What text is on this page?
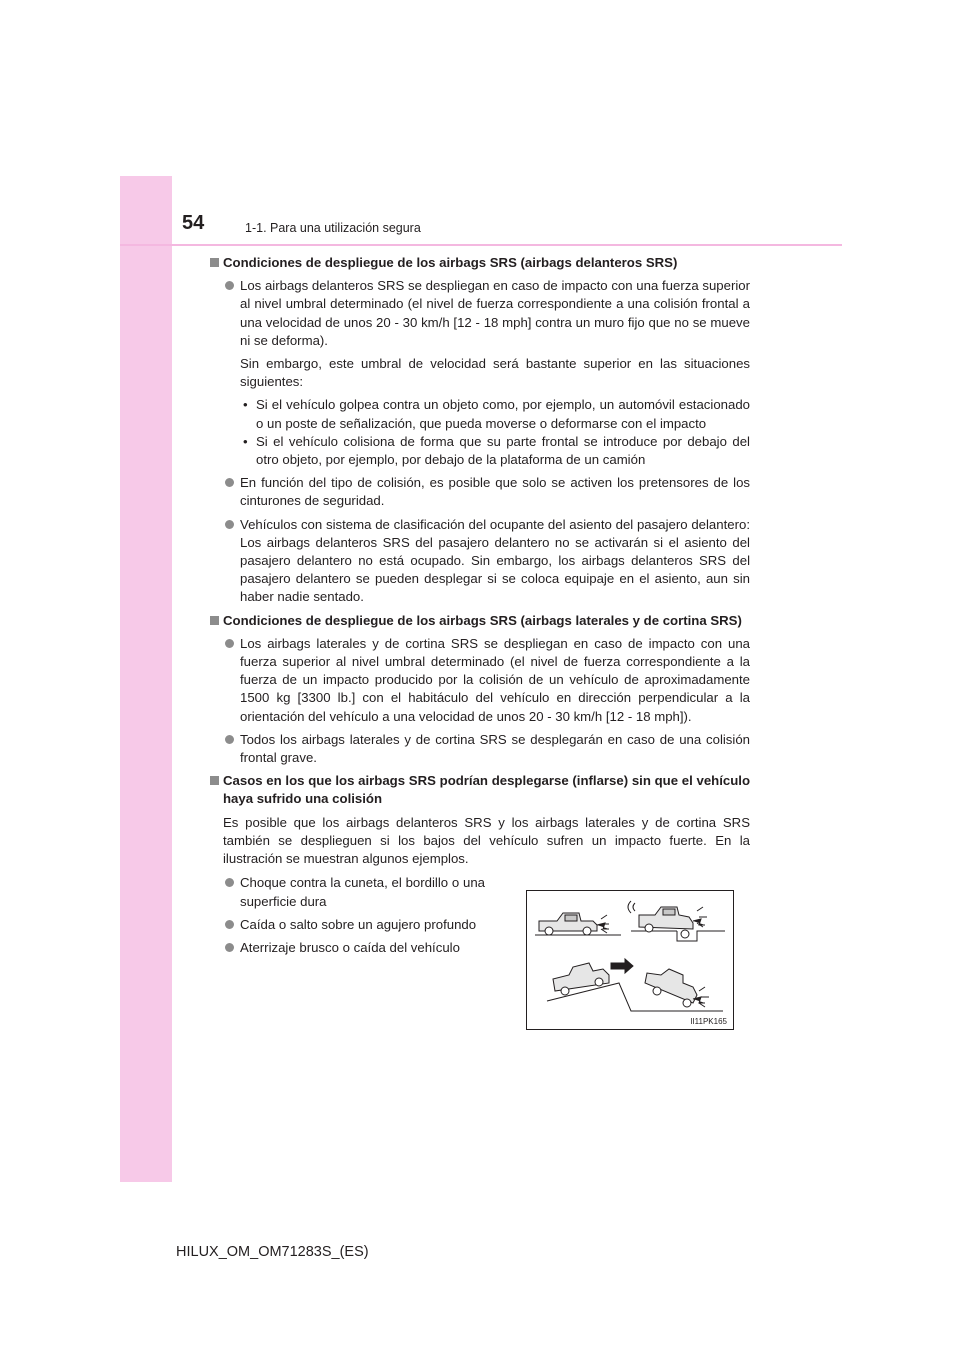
54	1-1. Para una utilización segura
Condiciones de despliegue de los airbags SRS (airbags delanteros SRS)
Los airbags delanteros SRS se despliegan en caso de impacto con una fuerza superior al nivel umbral determinado (el nivel de fuerza correspondiente a una colisión frontal a una velocidad de unos 20 - 30 km/h [12 - 18 mph] contra un muro fijo que no se mueve ni se deforma).
Sin embargo, este umbral de velocidad será bastante superior en las situaciones siguientes:
• Si el vehículo golpea contra un objeto como, por ejemplo, un automóvil estacionado o un poste de señalización, que pueda moverse o deformarse con el impacto
• Si el vehículo colisiona de forma que su parte frontal se introduce por debajo del otro objeto, por ejemplo, por debajo de la plataforma de un camión
En función del tipo de colisión, es posible que solo se activen los pretensores de los cinturones de seguridad.
Vehículos con sistema de clasificación del ocupante del asiento del pasajero delantero: Los airbags delanteros SRS del pasajero delantero no se activarán si el asiento del pasajero delantero no está ocupado. Sin embargo, los airbags delanteros SRS del pasajero delantero se pueden desplegar si se coloca equipaje en el asiento, aun sin haber nadie sentado.
Condiciones de despliegue de los airbags SRS (airbags laterales y de cortina SRS)
Los airbags laterales y de cortina SRS se despliegan en caso de impacto con una fuerza superior al nivel umbral determinado (el nivel de fuerza correspondiente a la fuerza de un impacto producido por la colisión de un vehículo de aproximadamente 1500 kg [3300 lb.] con el habitáculo del vehículo en dirección perpendicular a la orientación del vehículo a una velocidad de unos 20 - 30 km/h [12 - 18 mph]).
Todos los airbags laterales y de cortina SRS se desplegarán en caso de una colisión frontal grave.
Casos en los que los airbags SRS podrían desplegarse (inflarse) sin que el vehículo haya sufrido una colisión
Es posible que los airbags delanteros SRS y los airbags laterales y de cortina SRS también se desplieguen si los bajos del vehículo sufren un impacto fuerte. En la ilustración se muestran algunos ejemplos.
Choque contra la cuneta, el bordillo o una superficie dura
Caída o salto sobre un agujero profundo
Aterrizaje brusco o caída del vehículo
II11PK165
HILUX_OM_OM71283S_(ES)
